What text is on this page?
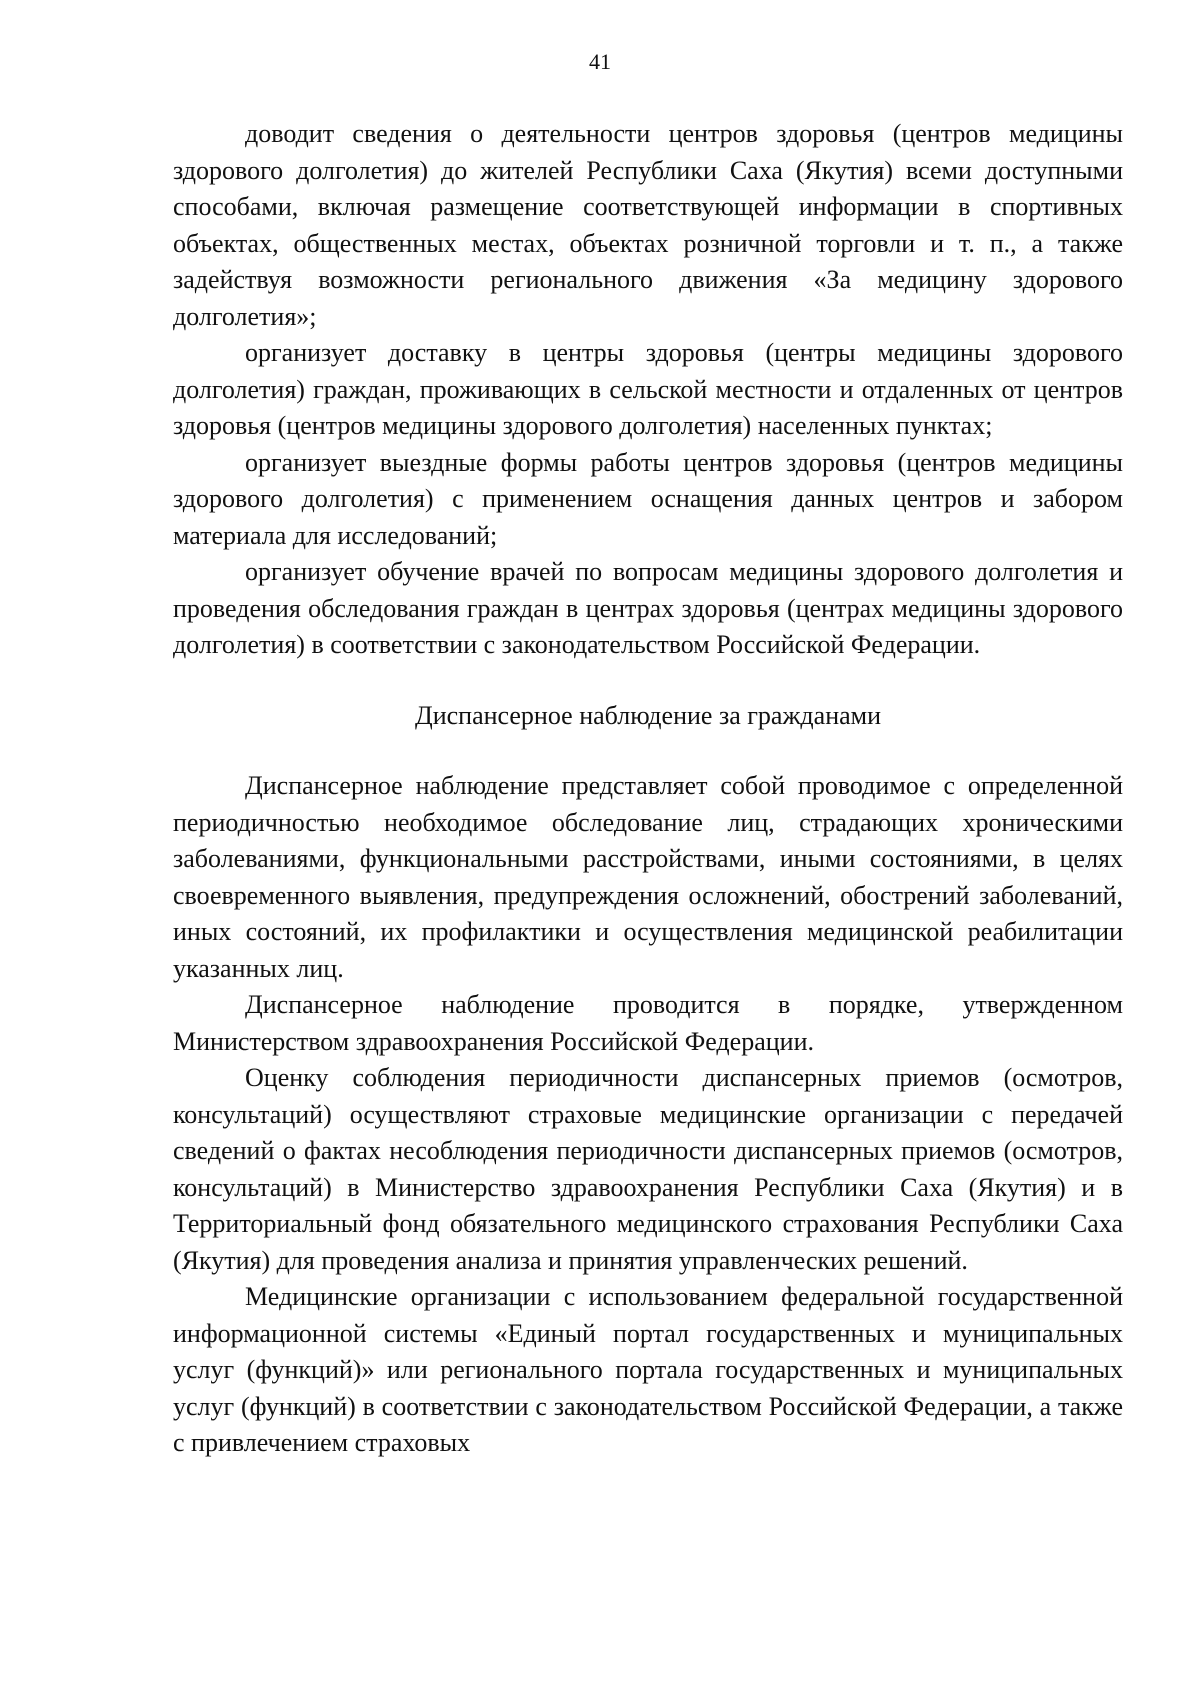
41

доводит сведения о деятельности центров здоровья (центров медицины здорового долголетия) до жителей Республики Саха (Якутия) всеми доступными способами, включая размещение соответствующей информации в спортивных объектах, общественных местах, объектах розничной торговли и т. п., а также задействуя возможности регионального движения «За медицину здорового долголетия»;

организует доставку в центры здоровья (центры медицины здорового долголетия) граждан, проживающих в сельской местности и отдаленных от центров здоровья (центров медицины здорового долголетия) населенных пунктах;

организует выездные формы работы центров здоровья (центров медицины здорового долголетия) с применением оснащения данных центров и забором материала для исследований;

организует обучение врачей по вопросам медицины здорового долголетия и проведения обследования граждан в центрах здоровья (центрах медицины здорового долголетия) в соответствии с законодательством Российской Федерации.

Диспансерное наблюдение за гражданами

Диспансерное наблюдение представляет собой проводимое с определенной периодичностью необходимое обследование лиц, страдающих хроническими заболеваниями, функциональными расстройствами, иными состояниями, в целях своевременного выявления, предупреждения осложнений, обострений заболеваний, иных состояний, их профилактики и осуществления медицинской реабилитации указанных лиц.

Диспансерное наблюдение проводится в порядке, утвержденном Министерством здравоохранения Российской Федерации.

Оценку соблюдения периодичности диспансерных приемов (осмотров, консультаций) осуществляют страховые медицинские организации с передачей сведений о фактах несоблюдения периодичности диспансерных приемов (осмотров, консультаций) в Министерство здравоохранения Республики Саха (Якутия) и в Территориальный фонд обязательного медицинского страхования Республики Саха (Якутия) для проведения анализа и принятия управленческих решений.

Медицинские организации с использованием федеральной государственной информационной системы «Единый портал государственных и муниципальных услуг (функций)» или регионального портала государственных и муниципальных услуг (функций) в соответствии с законодательством Российской Федерации, а также с привлечением страховых
